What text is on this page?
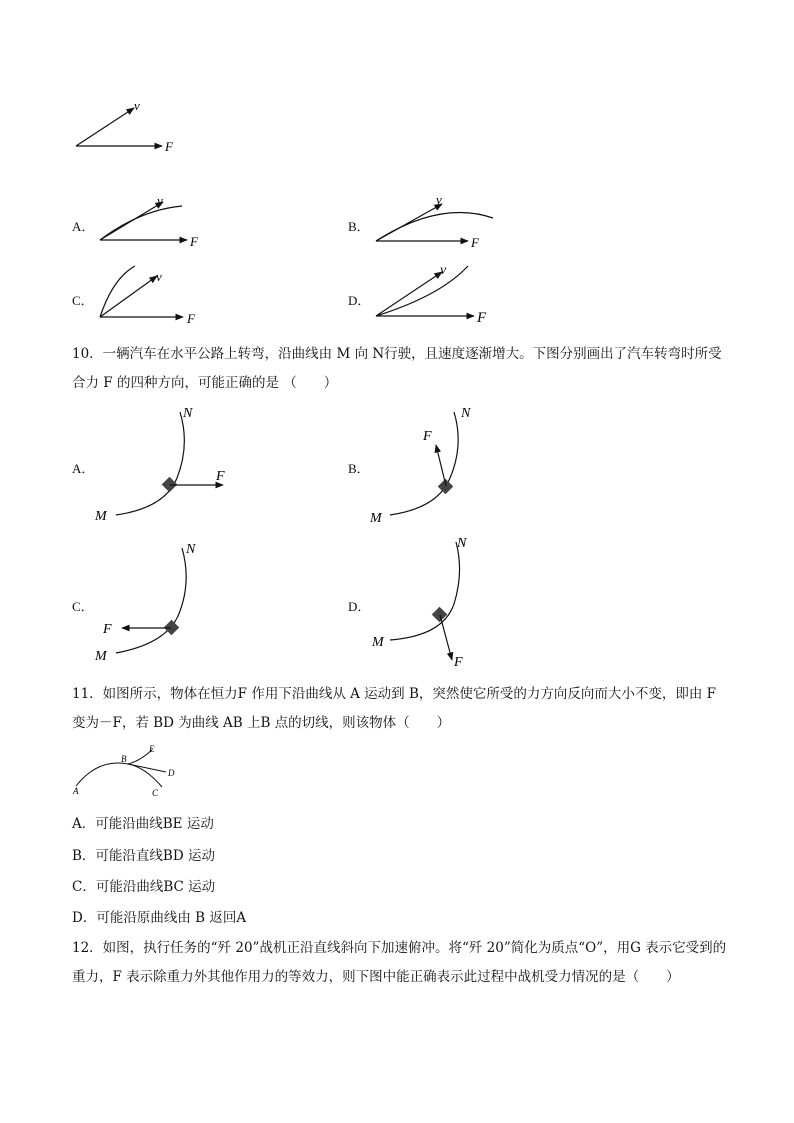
v
F
A．
v
F
B．
v
F
C．
v
F
D．
v
F
10．一辆汽车在水平公路上转弯，沿曲线由 M 向 N行驶，且速度逐渐增大。下图分别画出了汽车转弯时所受合力 F 的四种方向，可能正确的是 （　　）
A．
M
N
F
B．
M
N
F
C．
M
N
F
D．
M
N
F
11．如图所示，物体在恒力F 作用下沿曲线从 A 运动到 B，突然使它所受的力方向反向而大小不变，即由 F 变为－F，若 BD 为曲线 AB 上B 点的切线，则该物体（　　）
A
B
C
D
E
A．可能沿曲线BE 运动
B．可能沿直线BD 运动
C．可能沿曲线BC 运动
D．可能沿原曲线由 B 返回A
12．如图，执行任务的“歼 20”战机正沿直线斜向下加速俯冲。将“歼 20”简化为质点“O”，用G 表示它受到的重力，F 表示除重力外其他作用力的等效力，则下图中能正确表示此过程中战机受力情况的是（　　）
